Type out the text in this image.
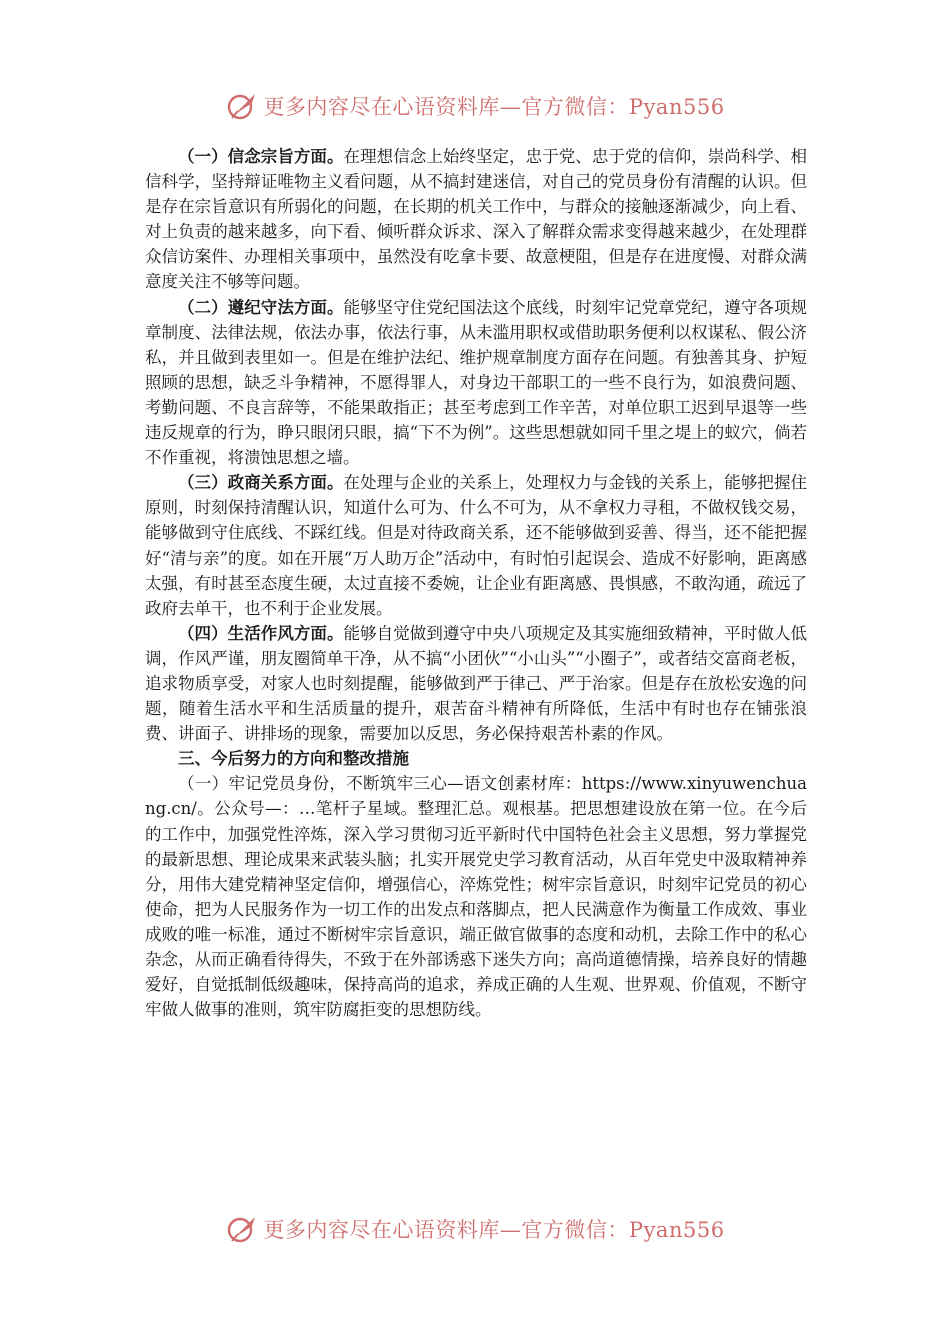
更多内容尽在心语资料库—官方微信：Pyan556

（一）信念宗旨方面。在理想信念上始终坚定，忠于党、忠于党的信仰，崇尚科学、相信科学，坚持辩证唯物主义看问题，从不搞封建迷信，对自己的党员身份有清醒的认识。但是存在宗旨意识有所弱化的问题，在长期的机关工作中，与群众的接触逐渐减少，向上看、对上负责的越来越多，向下看、倾听群众诉求、深入了解群众需求变得越来越少，在处理群众信访案件、办理相关事项中，虽然没有吃拿卡要、故意梗阻，但是存在进度慢、对群众满意度关注不够等问题。

（二）遵纪守法方面。能够坚守住党纪国法这个底线，时刻牢记党章党纪，遵守各项规章制度、法律法规，依法办事，依法行事，从未滥用职权或借助职务便利以权谋私、假公济私，并且做到表里如一。但是在维护法纪、维护规章制度方面存在问题。有独善其身、护短照顾的思想，缺乏斗争精神，不愿得罪人，对身边干部职工的一些不良行为，如浪费问题、考勤问题、不良言辞等，不能果敢指正；甚至考虑到工作辛苦，对单位职工迟到早退等一些违反规章的行为，睁只眼闭只眼，搞“下不为例”。这些思想就如同千里之堤上的蚁穴，倘若不作重视，将溃蚀思想之墙。

（三）政商关系方面。在处理与企业的关系上，处理权力与金钱的关系上，能够把握住原则，时刻保持清醒认识，知道什么可为、什么不可为，从不拿权力寻租，不做权钱交易，能够做到守住底线、不踩红线。但是对待政商关系，还不能够做到妥善、得当，还不能把握好“清与亲”的度。如在开展“万人助万企”活动中，有时怕引起误会、造成不好影响，距离感太强，有时甚至态度生硬，太过直接不委婉，让企业有距离感、畏惧感，不敢沟通，疏远了政府去单干，也不利于企业发展。

（四）生活作风方面。能够自觉做到遵守中央八项规定及其实施细致精神，平时做人低调，作风严谨，朋友圈简单干净，从不搞“小团伙”“小山头”“小圈子”，或者结交富商老板，追求物质享受，对家人也时刻提醒，能够做到严于律己、严于治家。但是存在放松安逸的问题，随着生活水平和生活质量的提升，艰苦奋斗精神有所降低，生活中有时也存在铺张浪费、讲面子、讲排场的现象，需要加以反思，务必保持艰苦朴素的作风。

三、今后努力的方向和整改措施

（一）牢记党员身份，不断筑牢三心—语文创素材库：https://www.xinyuwenchuang.cn/。公众号—：…笔杆子星域。整理汇总。观根基。把思想建设放在第一位。在今后的工作中，加强党性淬炼，深入学习贯彻习近平新时代中国特色社会主义思想，努力掌握党的最新思想、理论成果来武装头脑；扎实开展党史学习教育活动，从百年党史中汲取精神养分，用伟大建党精神坚定信仰，增强信心，淬炼党性；树牢宗旨意识，时刻牢记党员的初心使命，把为人民服务作为一切工作的出发点和落脚点，把人民满意作为衡量工作成效、事业成败的唯一标准，通过不断树牢宗旨意识，端正做官做事的态度和动机，去除工作中的私心杂念，从而正确看待得失，不致于在外部诱惑下迷失方向；高尚道德情操，培养良好的情趣爱好，自觉抵制低级趣味，保持高尚的追求，养成正确的人生观、世界观、价值观，不断守牢做人做事的准则，筑牢防腐拒变的思想防线。

更多内容尽在心语资料库—官方微信：Pyan556
